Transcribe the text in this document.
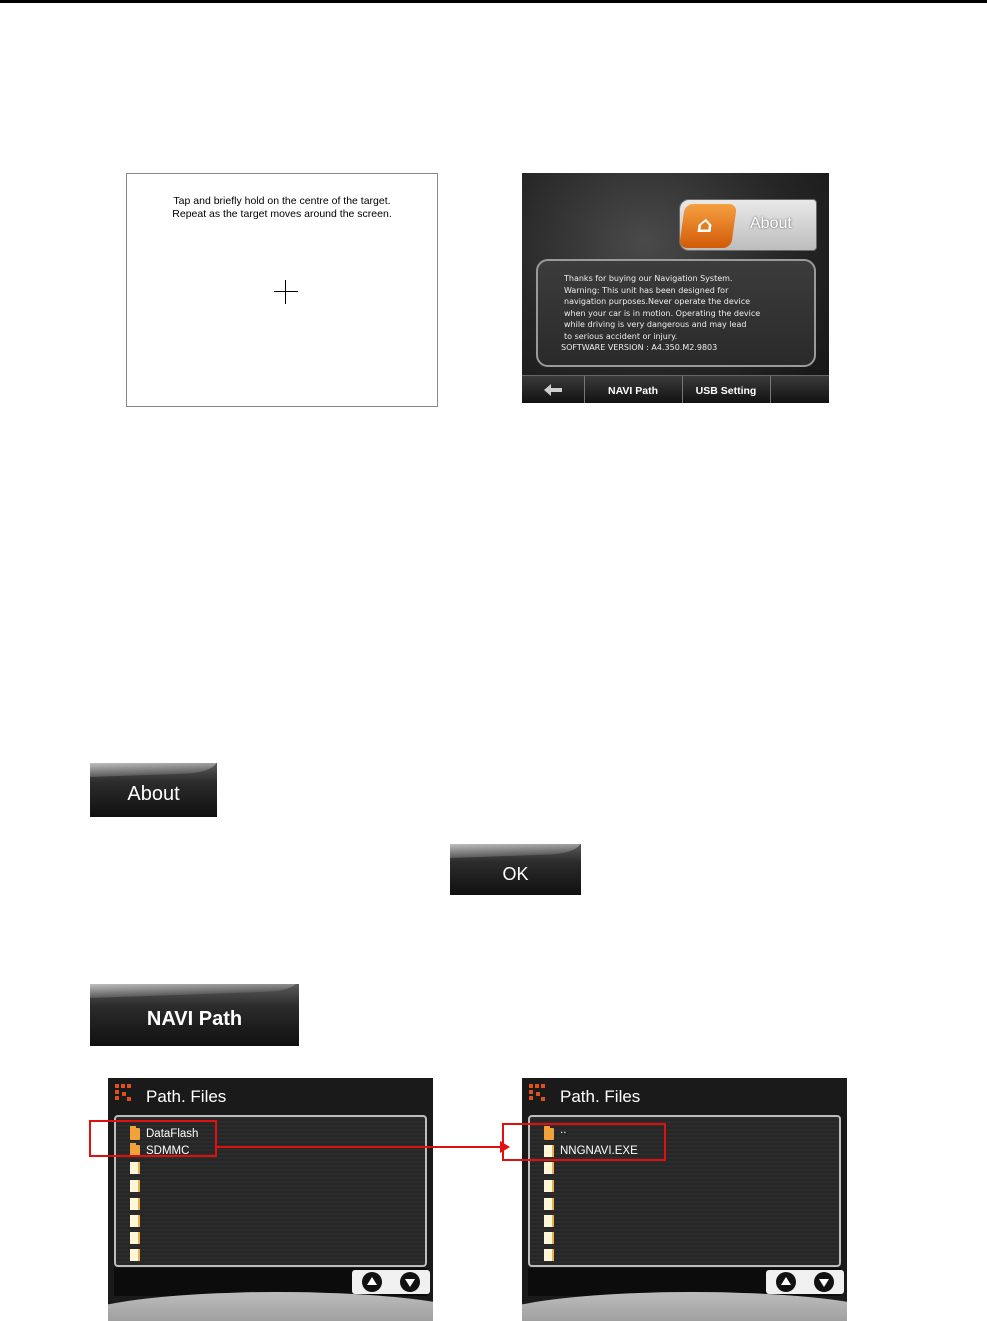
Tap and briefly hold on the centre of the target.
Repeat as the target moves around the screen.	⌂ About
Thanks for buying our Navigation System.
Warning: This unit has been designed for
navigation purposes.Never operate the device
when your car is in motion. Operating the device
while driving is very dangerous and may lead
to serious accident or injury.
SOFTWARE VERSION : A4.350.M2.9803
NAVI Path	USB Setting
About
OK
NAVI Path
Path. Files
DataFlash
SDMMC
Path. Files
..
NNGNAVI.EXE
